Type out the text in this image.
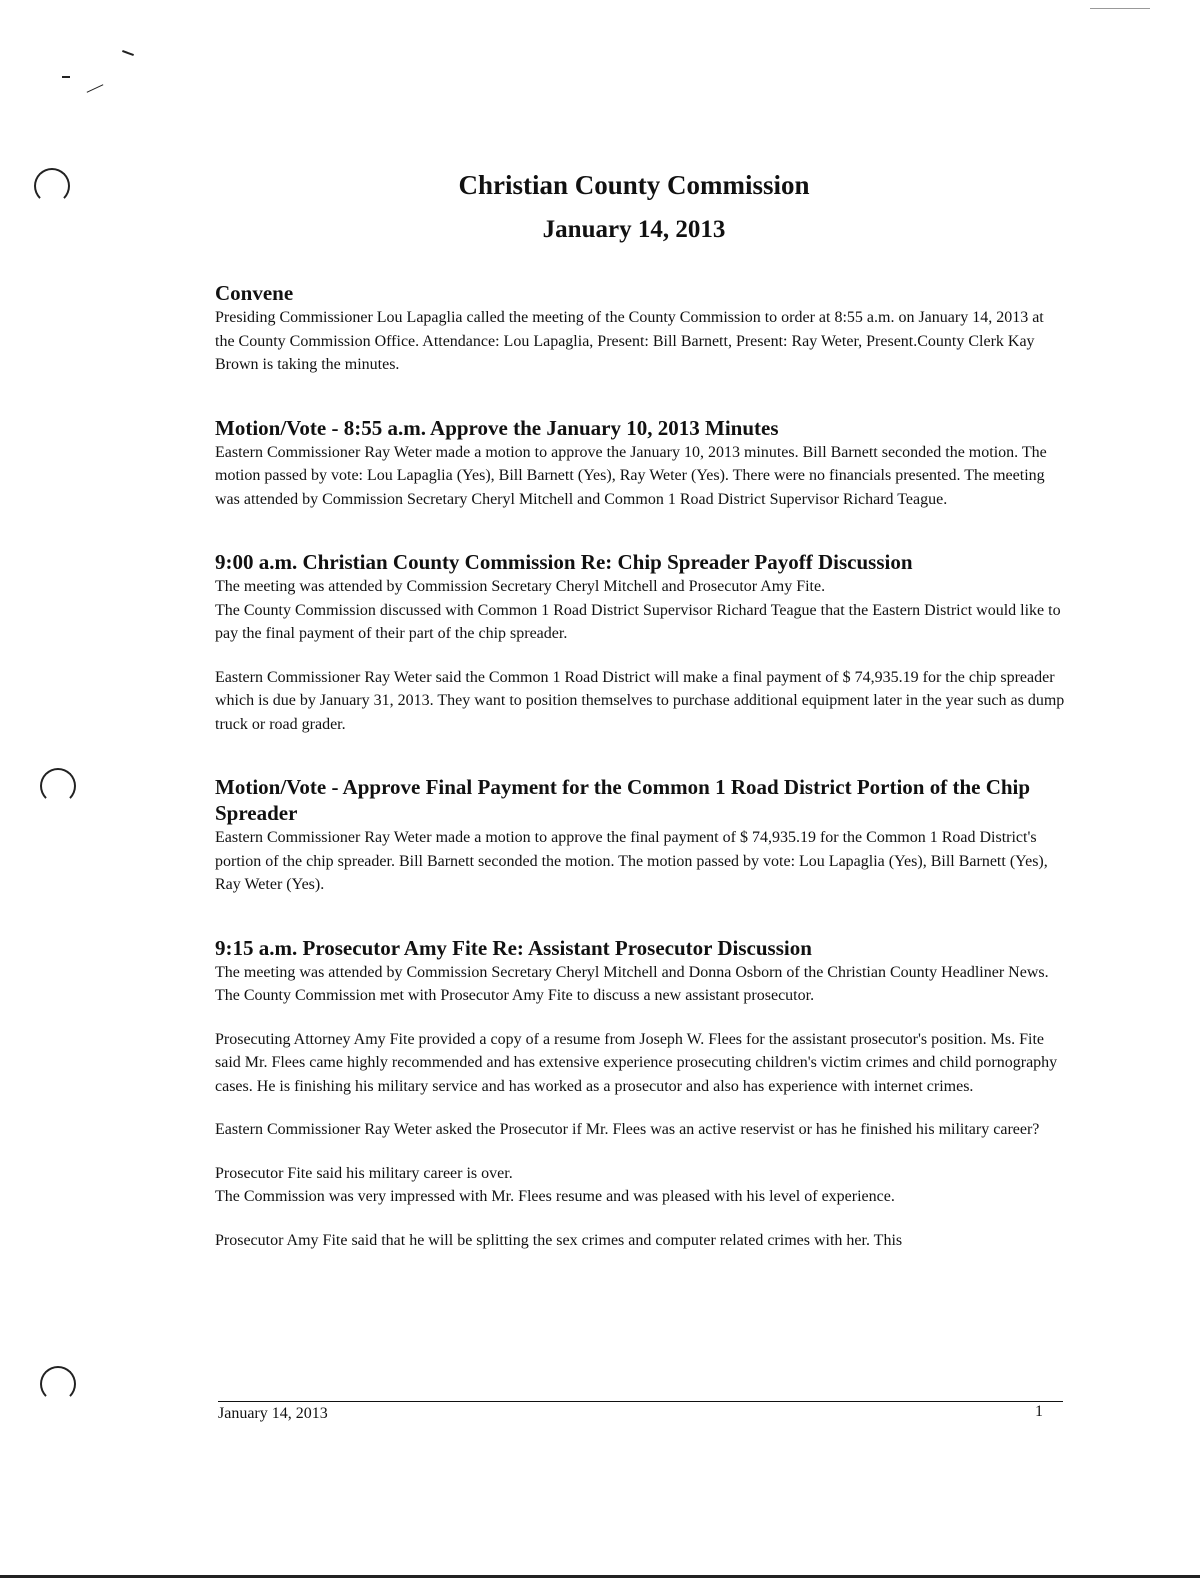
Christian County Commission
January 14, 2013
Convene

Presiding Commissioner Lou Lapaglia called the meeting of the County Commission to order at 8:55 a.m. on January 14, 2013 at the County Commission Office. Attendance: Lou Lapaglia, Present: Bill Barnett, Present: Ray Weter, Present.County Clerk Kay Brown is taking the minutes.

Motion/Vote - 8:55 a.m. Approve the January 10, 2013 Minutes

Eastern Commissioner Ray Weter made a motion to approve the January 10, 2013 minutes. Bill Barnett seconded the motion. The motion passed by vote: Lou Lapaglia (Yes), Bill Barnett (Yes), Ray Weter (Yes). There were no financials presented. The meeting was attended by Commission Secretary Cheryl Mitchell and Common 1 Road District Supervisor Richard Teague.

9:00 a.m. Christian County Commission Re: Chip Spreader Payoff Discussion

The meeting was attended by Commission Secretary Cheryl Mitchell and Prosecutor Amy Fite.

The County Commission discussed with Common 1 Road District Supervisor Richard Teague that the Eastern District would like to pay the final payment of their part of the chip spreader.

Eastern Commissioner Ray Weter said the Common 1 Road District will make a final payment of $ 74,935.19 for the chip spreader which is due by January 31, 2013. They want to position themselves to purchase additional equipment later in the year such as dump truck or road grader.

Motion/Vote - Approve Final Payment for the Common 1 Road District Portion of the Chip Spreader

Eastern Commissioner Ray Weter made a motion to approve the final payment of $ 74,935.19 for the Common 1 Road District's portion of the chip spreader. Bill Barnett seconded the motion. The motion passed by vote: Lou Lapaglia (Yes), Bill Barnett (Yes), Ray Weter (Yes).

9:15 a.m. Prosecutor Amy Fite Re: Assistant Prosecutor Discussion

The meeting was attended by Commission Secretary Cheryl Mitchell and Donna Osborn of the Christian County Headliner News.

The County Commission met with Prosecutor Amy Fite to discuss a new assistant prosecutor.

Prosecuting Attorney Amy Fite provided a copy of a resume from Joseph W. Flees for the assistant prosecutor's position. Ms. Fite said Mr. Flees came highly recommended and has extensive experience prosecuting children's victim crimes and child pornography cases. He is finishing his military service and has worked as a prosecutor and also has experience with internet crimes.

Eastern Commissioner Ray Weter asked the Prosecutor if Mr. Flees was an active reservist or has he finished his military career?

Prosecutor Fite said his military career is over.

The Commission was very impressed with Mr. Flees resume and was pleased with his level of experience.

Prosecutor Amy Fite said that he will be splitting the sex crimes and computer related crimes with her. This

January 14, 2013	1
